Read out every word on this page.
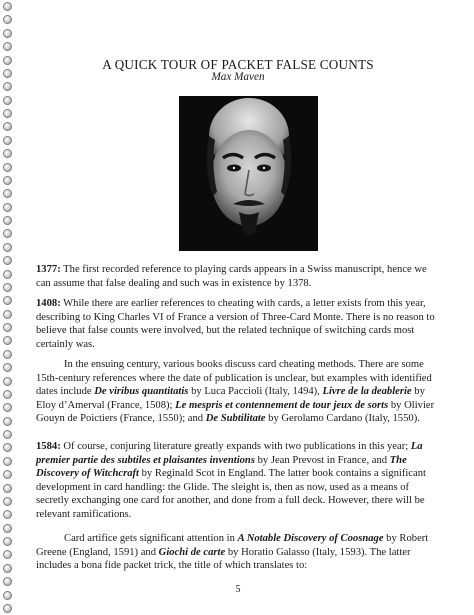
A QUICK TOUR OF PACKET FALSE COUNTS
Max Maven

1377: The first recorded reference to playing cards appears in a Swiss manuscript, hence we can assume that false dealing and such was in existence by 1378.

1408: While there are earlier references to cheating with cards, a letter exists from this year, describing to King Charles VI of France a version of Three-Card Monte. There is no reason to believe that false counts were involved, but the related technique of switching cards most certainly was.

In the ensuing century, various books discuss card cheating methods. There are some 15th-century references where the date of publication is unclear, but examples with identified dates include De viribus quantitatis by Luca Paccioli (Italy, 1494), Livre de la deablerie by Eloy d’Amerval (France, 1508); Le mespris et contennement de tour jeux de sorts by Olivier Gouyn de Poictiers (France, 1550); and De Subtilitate by Gerolamo Cardano (Italy, 1550).

1584: Of course, conjuring literature greatly expands with two publications in this year; La premier partie des subtiles et plaisantes inventions by Jean Prevost in France, and The Discovery of Witchcraft by Reginald Scot in England. The latter book contains a significant development in card handling: the Glide. The sleight is, then as now, used as a means of secretly exchanging one card for another, and done from a full deck. However, there will be relevant ramifications.

Card artifice gets significant attention in A Notable Discovery of Coosnage by Robert Greene (England, 1591) and Giochi de carte by Horatio Galasso (Italy, 1593). The latter includes a bona fide packet trick, the title of which translates to:

5
